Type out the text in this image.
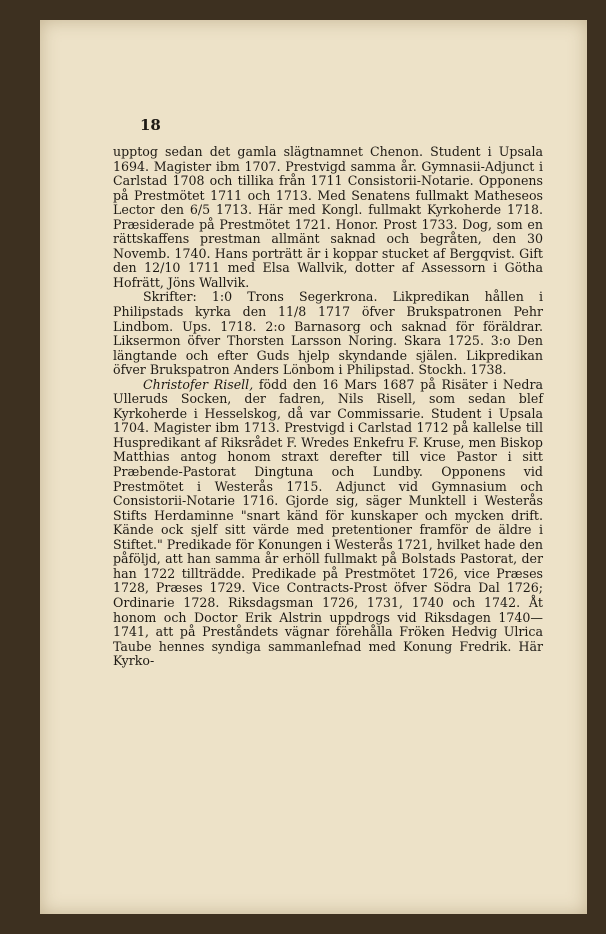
18

upptog sedan det gamla slägtnamnet Chenon. Student i Upsala 1694. Magister ibm 1707. Prestvigd samma år. Gymnasii-Adjunct i Carlstad 1708 och tillika från 1711 Consistorii-Notarie. Opponens på Prestmötet 1711 och 1713. Med Senatens fullmakt Matheseos Lector den 6/5 1713. Här med Kongl. fullmakt Kyrkoherde 1718. Præsiderade på Prestmötet 1721. Honor. Prost 1733. Dog, som en rättskaffens prestman allmänt saknad och begråten, den 30 Novemb. 1740. Hans porträtt är i koppar stucket af Bergqvist. Gift den 12/10 1711 med Elsa Wallvik, dotter af Assessorn i Götha Hofrätt, Jöns Wallvik.

Skrifter: 1:0 Trons Segerkrona. Likpredikan hållen i Philipstads kyrka den 11/8 1717 öfver Brukspatronen Pehr Lindbom. Ups. 1718. 2:o Barnasorg och saknad för föräldrar. Liksermon öfver Thorsten Larsson Noring. Skara 1725. 3:o Den längtande och efter Guds hjelp skyndande själen. Likpredikan öfver Brukspatron Anders Lönbom i Philipstad. Stockh. 1738.

Christofer Risell, född den 16 Mars 1687 på Risäter i Nedra Ulleruds Socken, der fadren, Nils Risell, som sedan blef Kyrkoherde i Hesselskog, då var Commissarie. Student i Upsala 1704. Magister ibm 1713. Prestvigd i Carlstad 1712 på kallelse till Huspredikant af Riksrådet F. Wredes Enkefru F. Kruse, men Biskop Matthias antog honom straxt derefter till vice Pastor i sitt Præbende-Pastorat Dingtuna och Lundby. Opponens vid Prestmötet i Westerås 1715. Adjunct vid Gymnasium och Consistorii-Notarie 1716. Gjorde sig, säger Munktell i Westerås Stifts Herdaminne "snart känd för kunskaper och mycken drift. Kände ock sjelf sitt värde med pretentioner framför de äldre i Stiftet." Predikade för Konungen i Westerås 1721, hvilket hade den påföljd, att han samma år erhöll fullmakt på Bolstads Pastorat, der han 1722 tillträdde. Predikade på Prestmötet 1726, vice Præses 1728, Præses 1729. Vice Contracts-Prost öfver Södra Dal 1726; Ordinarie 1728. Riksdagsman 1726, 1731, 1740 och 1742. Åt honom och Doctor Erik Alstrin uppdrogs vid Riksdagen 1740—1741, att på Preståndets vägnar förehålla Fröken Hedvig Ulrica Taube hennes syndiga sammanlefnad med Konung Fredrik. Här Kyrko-
